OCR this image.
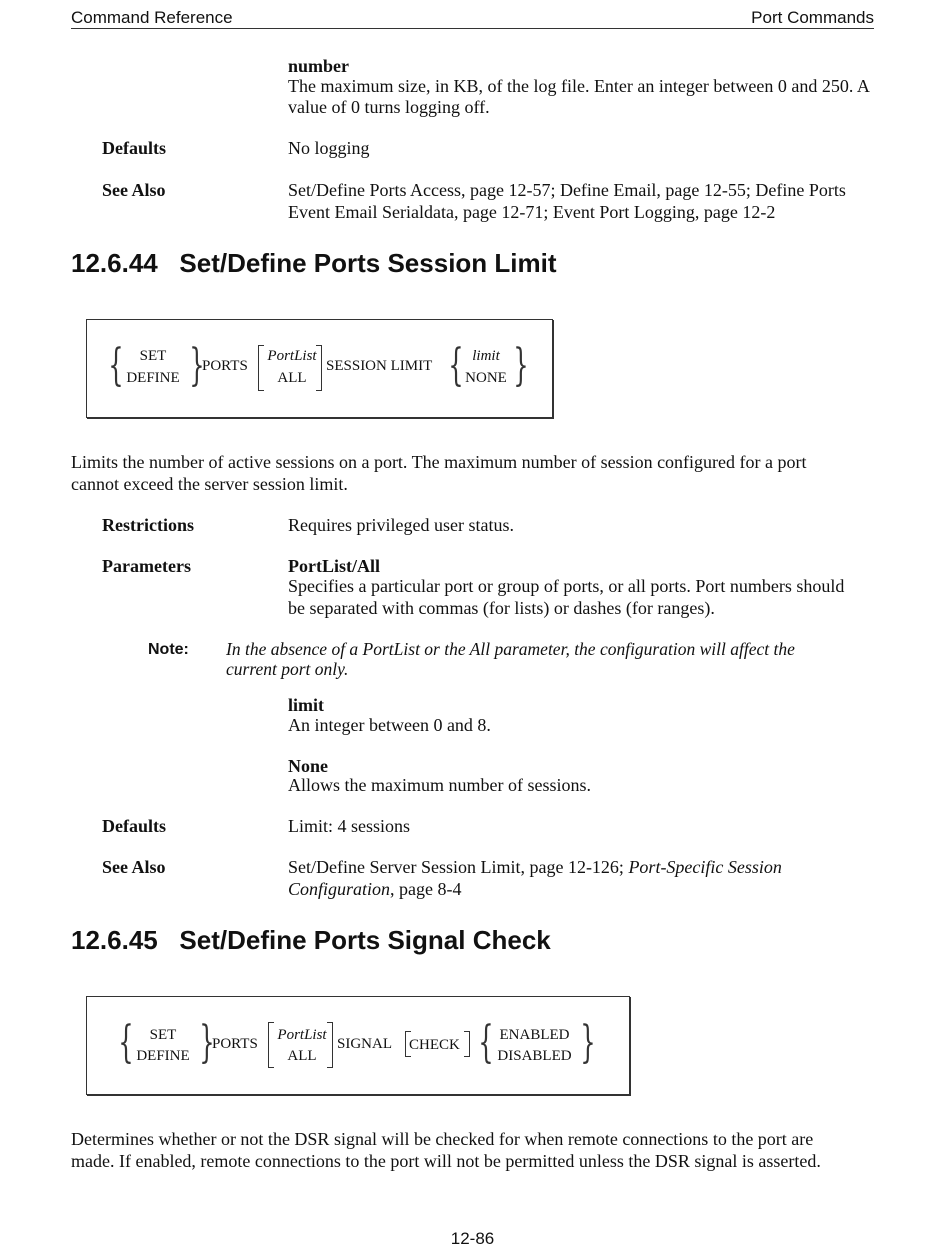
Command Reference	Port Commands
number
The maximum size, in KB, of the log file. Enter an integer between 0 and 250. A value of 0 turns logging off.
Defaults	No logging
See Also	Set/Define Ports Access, page 12-57; Define Email, page 12-55; Define Ports
Event Email Serialdata, page 12-71; Event Port Logging, page 12-2
12.6.44   Set/Define Ports Session Limit
{	SET
DEFINE }
PORTS
PortList
ALL
SESSION LIMIT { limit
NONE }
Limits the number of active sessions on a port. The maximum number of session configured for a port
cannot exceed the server session limit.
Restrictions	Requires privileged user status.
Parameters	PortList/All
Specifies a particular port or group of ports, or all ports. Port numbers should
be separated with commas (for lists) or dashes (for ranges).
Note: In the absence of a PortList or the All parameter, the configuration will affect the
current port only.
limit
An integer between 0 and 8.
None
Allows the maximum number of sessions.
Defaults	Limit: 4 sessions
See Also	Set/Define Server Session Limit, page 12-126; Port-Specific Session
Configuration, page 8-4
12.6.45   Set/Define Ports Signal Check
{	SET
DEFINE }
PORTS
PortList
ALL
SIGNAL CHECK { ENABLED
DISABLED }
Determines whether or not the DSR signal will be checked for when remote connections to the port are
made. If enabled, remote connections to the port will not be permitted unless the DSR signal is asserted.
12-86
